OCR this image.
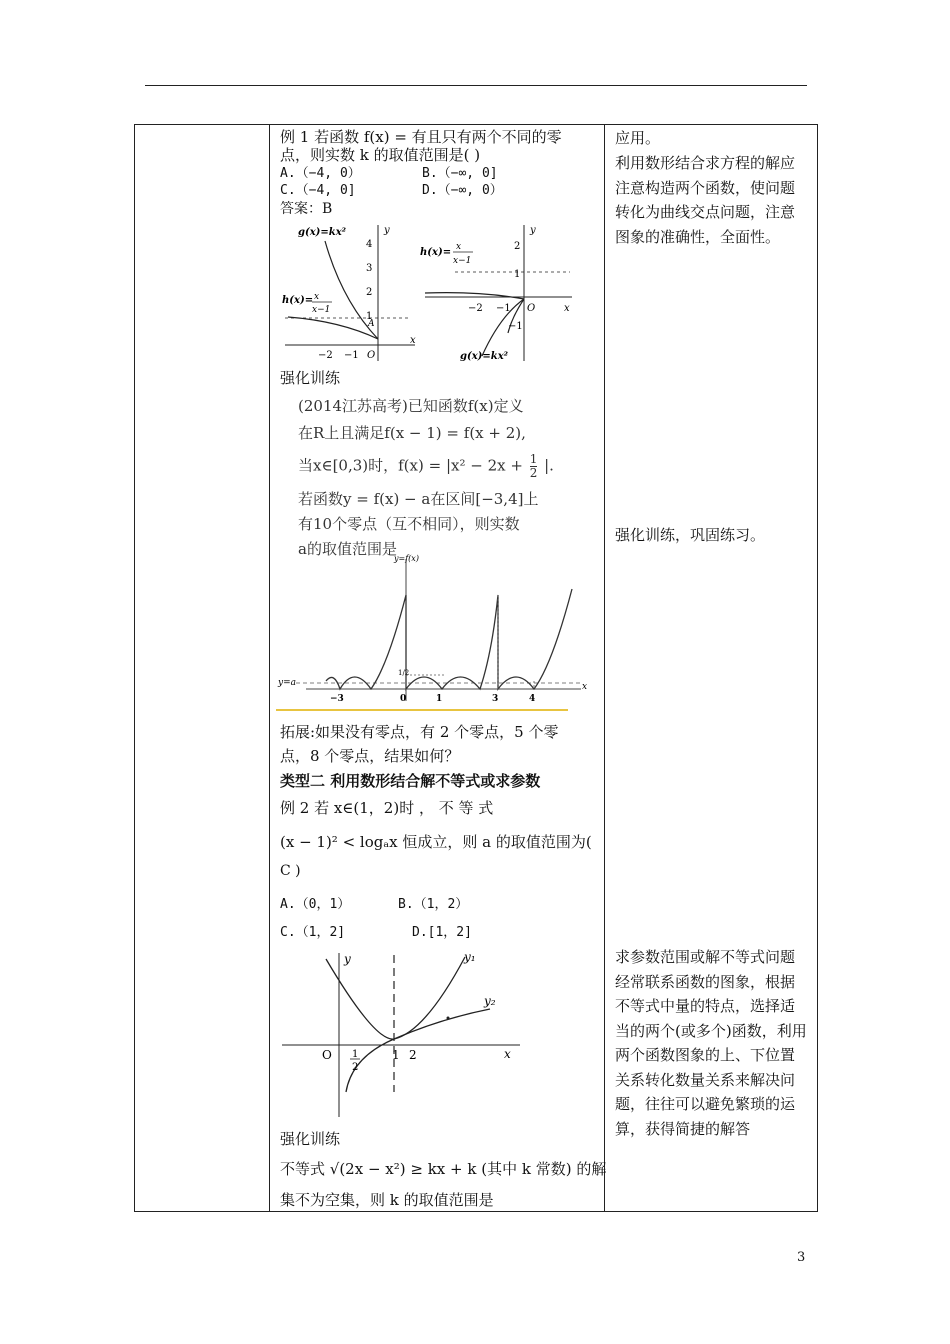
例 1 若函数 f(x) = 有且只有两个不同的零
点，则实数 k 的取值范围是( )
A.（−4, 0）	B.（−∞, 0]
C.（−4, 0]	D.（−∞, 0）
答案：B
g(x)=kx²
h(x)= x
x−1
y
x
O
A
4
3
2
1
−2 −1
h(x)= x
x−1
g(x)=kx²
y
x
O
2
1
−1
−2 −1
强化训练
(2014江苏高考)已知函数f(x)定义
在R上且满足f(x − 1) = f(x + 2),
当x∈[0,3)时，$f(x) = |x^2 - 2x + \frac{1}{2}$ |.
若函数y = f(x) − a在区间[−3,4]上
有10个零点（互不相同），则实数
a的取值范围是
y=f(x)
y=a	x
1/2
−3	0	1	3	4
拓展:如果没有零点，有 2 个零点，5 个零
点，8 个零点，结果如何？
类型二 利用数形结合解不等式或求参数
例 2 若 x∈(1，2)时 ， 不 等 式
(x − 1)² < logₐx 恒成立，则 a 的取值范围为(
C )
A.（0，1）	B.（1，2）
C.（1，2]	D.[1，2]
y
x
O
y₁
y₂
1
2
1 2
强化训练
不等式 √(2x − x²) ≥ kx + k (其中 k 常数) 的解
集不为空集，则 k 的取值范围是

应用。
利用数形结合求方程的解应注意构造两个函数，使问题转化为曲线交点问题，注意图象的准确性，全面性。
强化训练，巩固练习。
求参数范围或解不等式问题经常联系函数的图象，根据不等式中量的特点，选择适当的两个(或多个)函数，利用两个函数图象的上、下位置关系转化数量关系来解决问题，往往可以避免繁琐的运算，获得简捷的解答
3
